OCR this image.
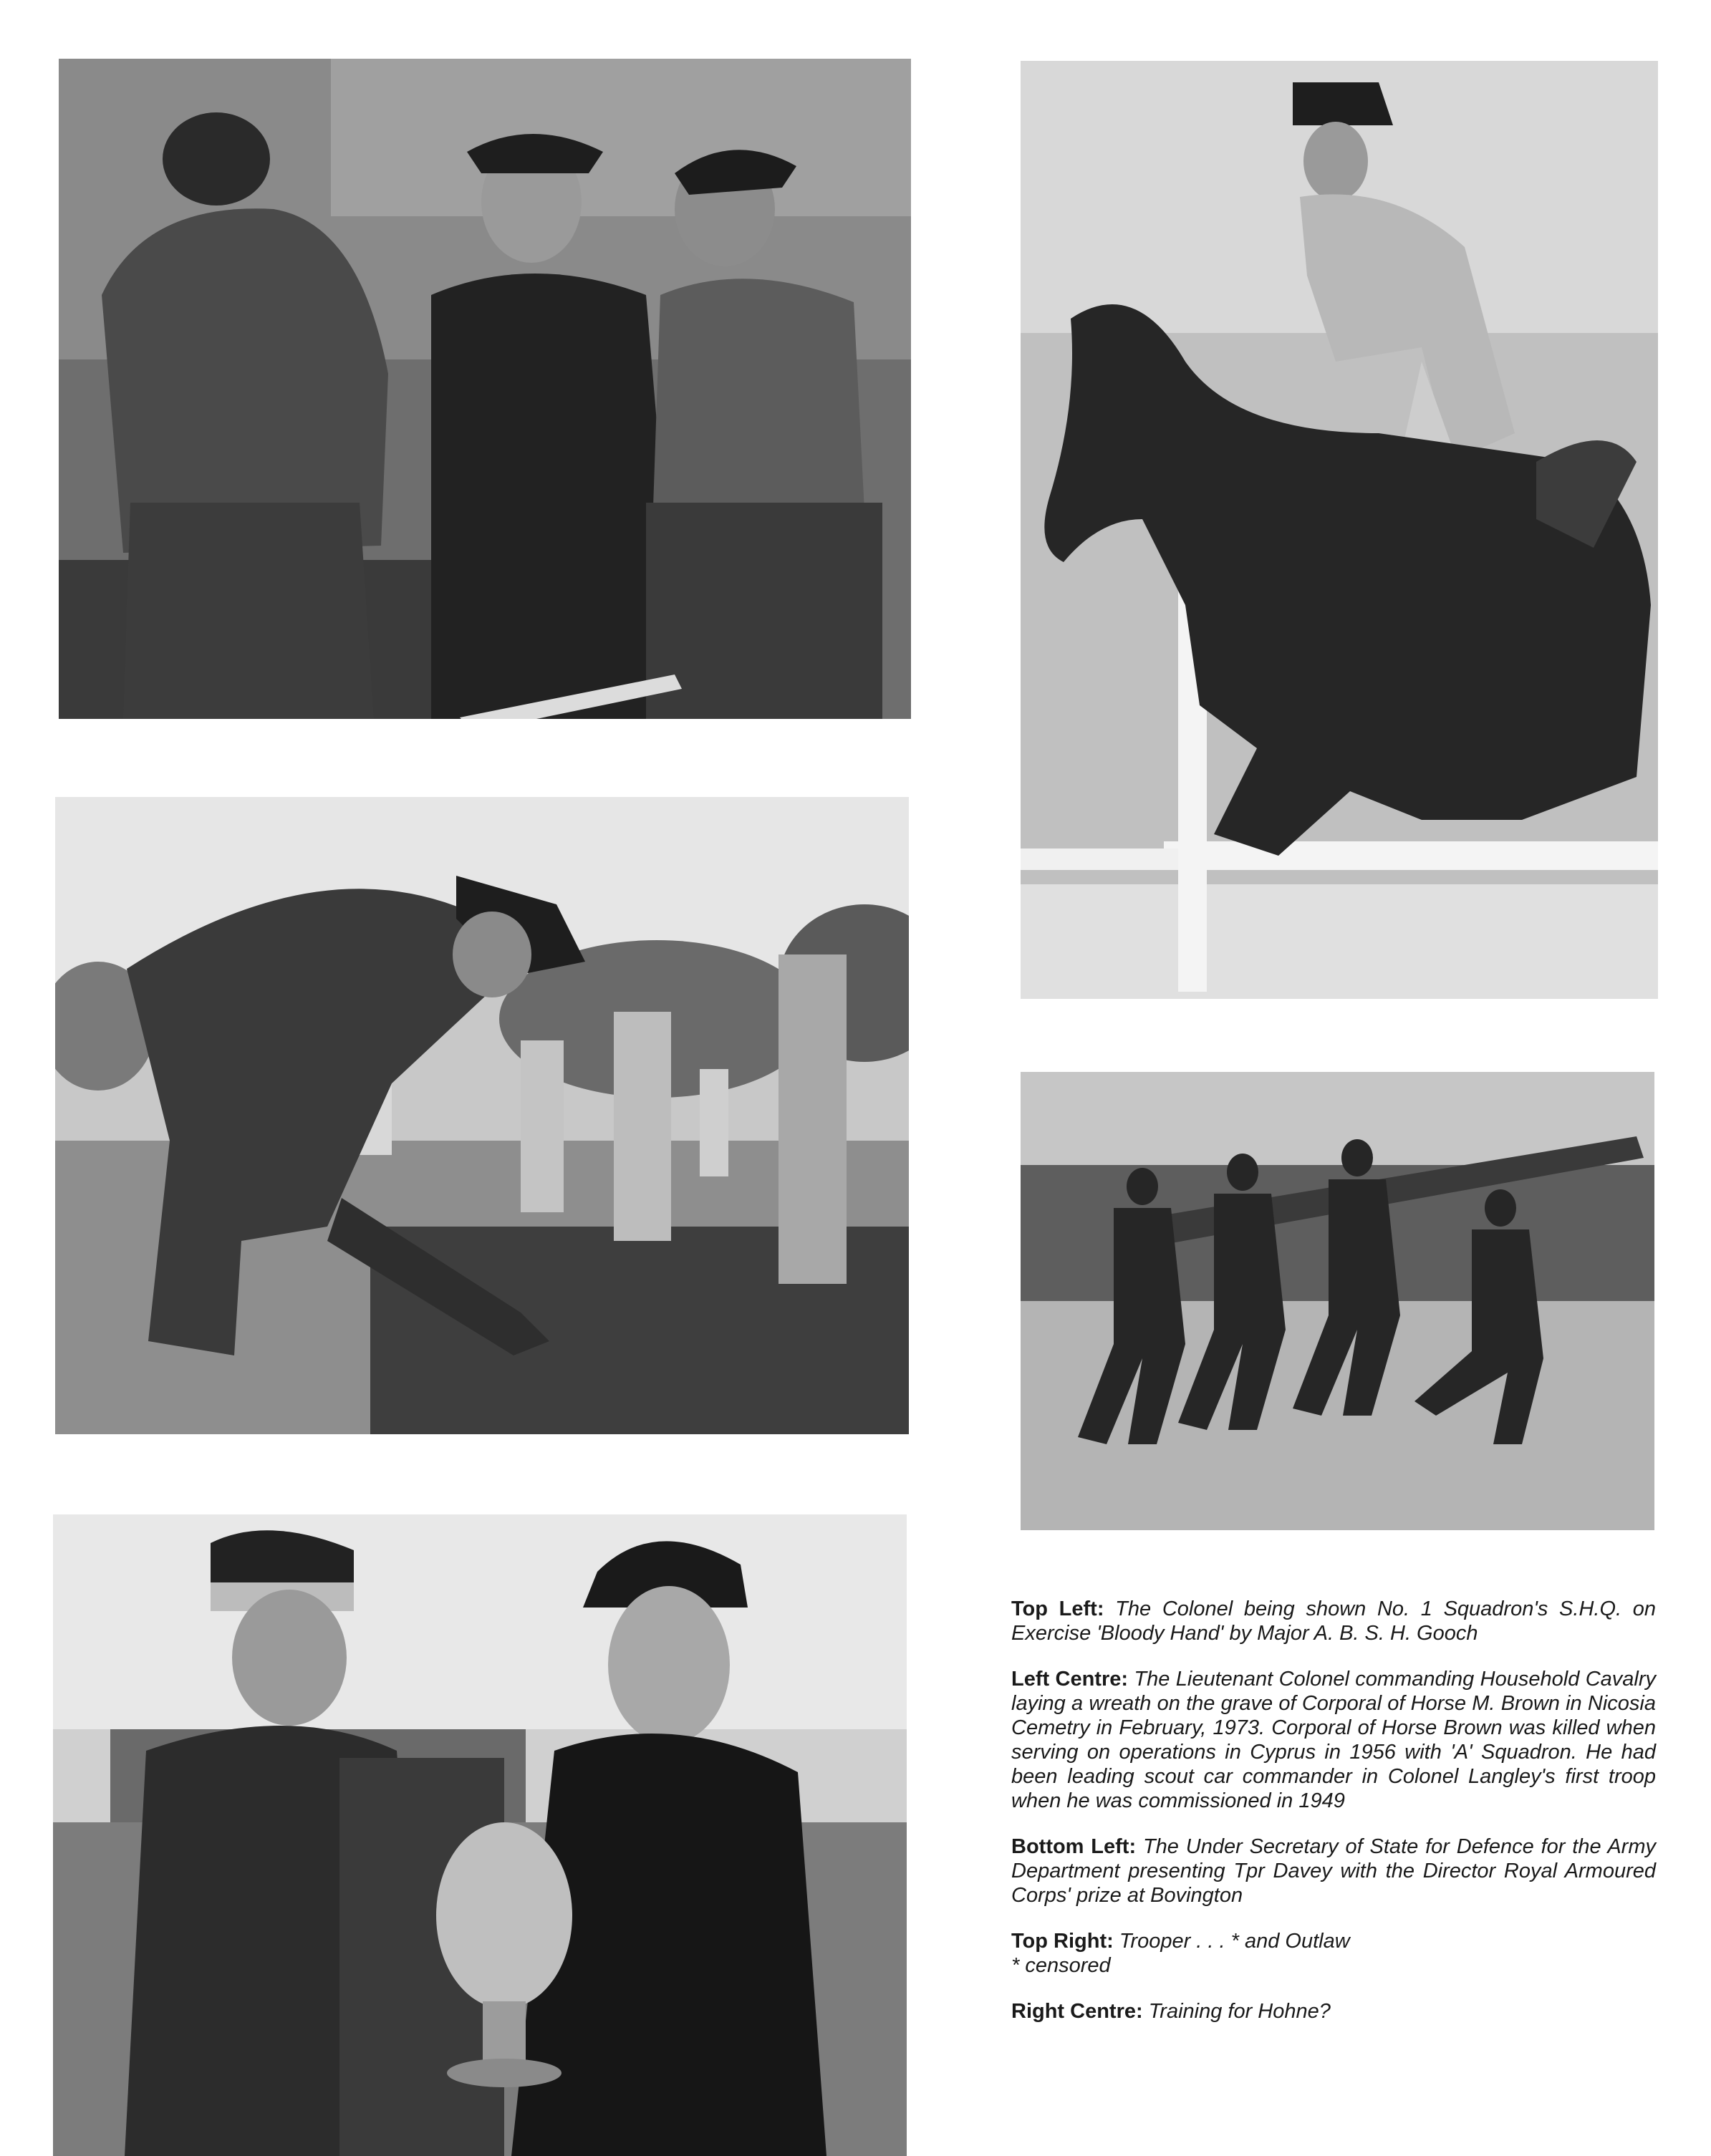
Top Left: The Colonel being shown No. 1 Squadron's S.H.Q. on Exercise 'Bloody Hand' by Major A. B. S. H. Gooch

Left Centre: The Lieutenant Colonel commanding Household Cavalry laying a wreath on the grave of Corporal of Horse M. Brown in Nicosia Cemetry in February, 1973. Corporal of Horse Brown was killed when serving on operations in Cyprus in 1956 with 'A' Squadron. He had been leading scout car commander in Colonel Langley's first troop when he was commissioned in 1949

Bottom Left: The Under Secretary of State for Defence for the Army Department presenting Tpr Davey with the Director Royal Armoured Corps' prize at Bovington

Top Right: Trooper . . . * and Outlaw
* censored

Right Centre: Training for Hohne?
